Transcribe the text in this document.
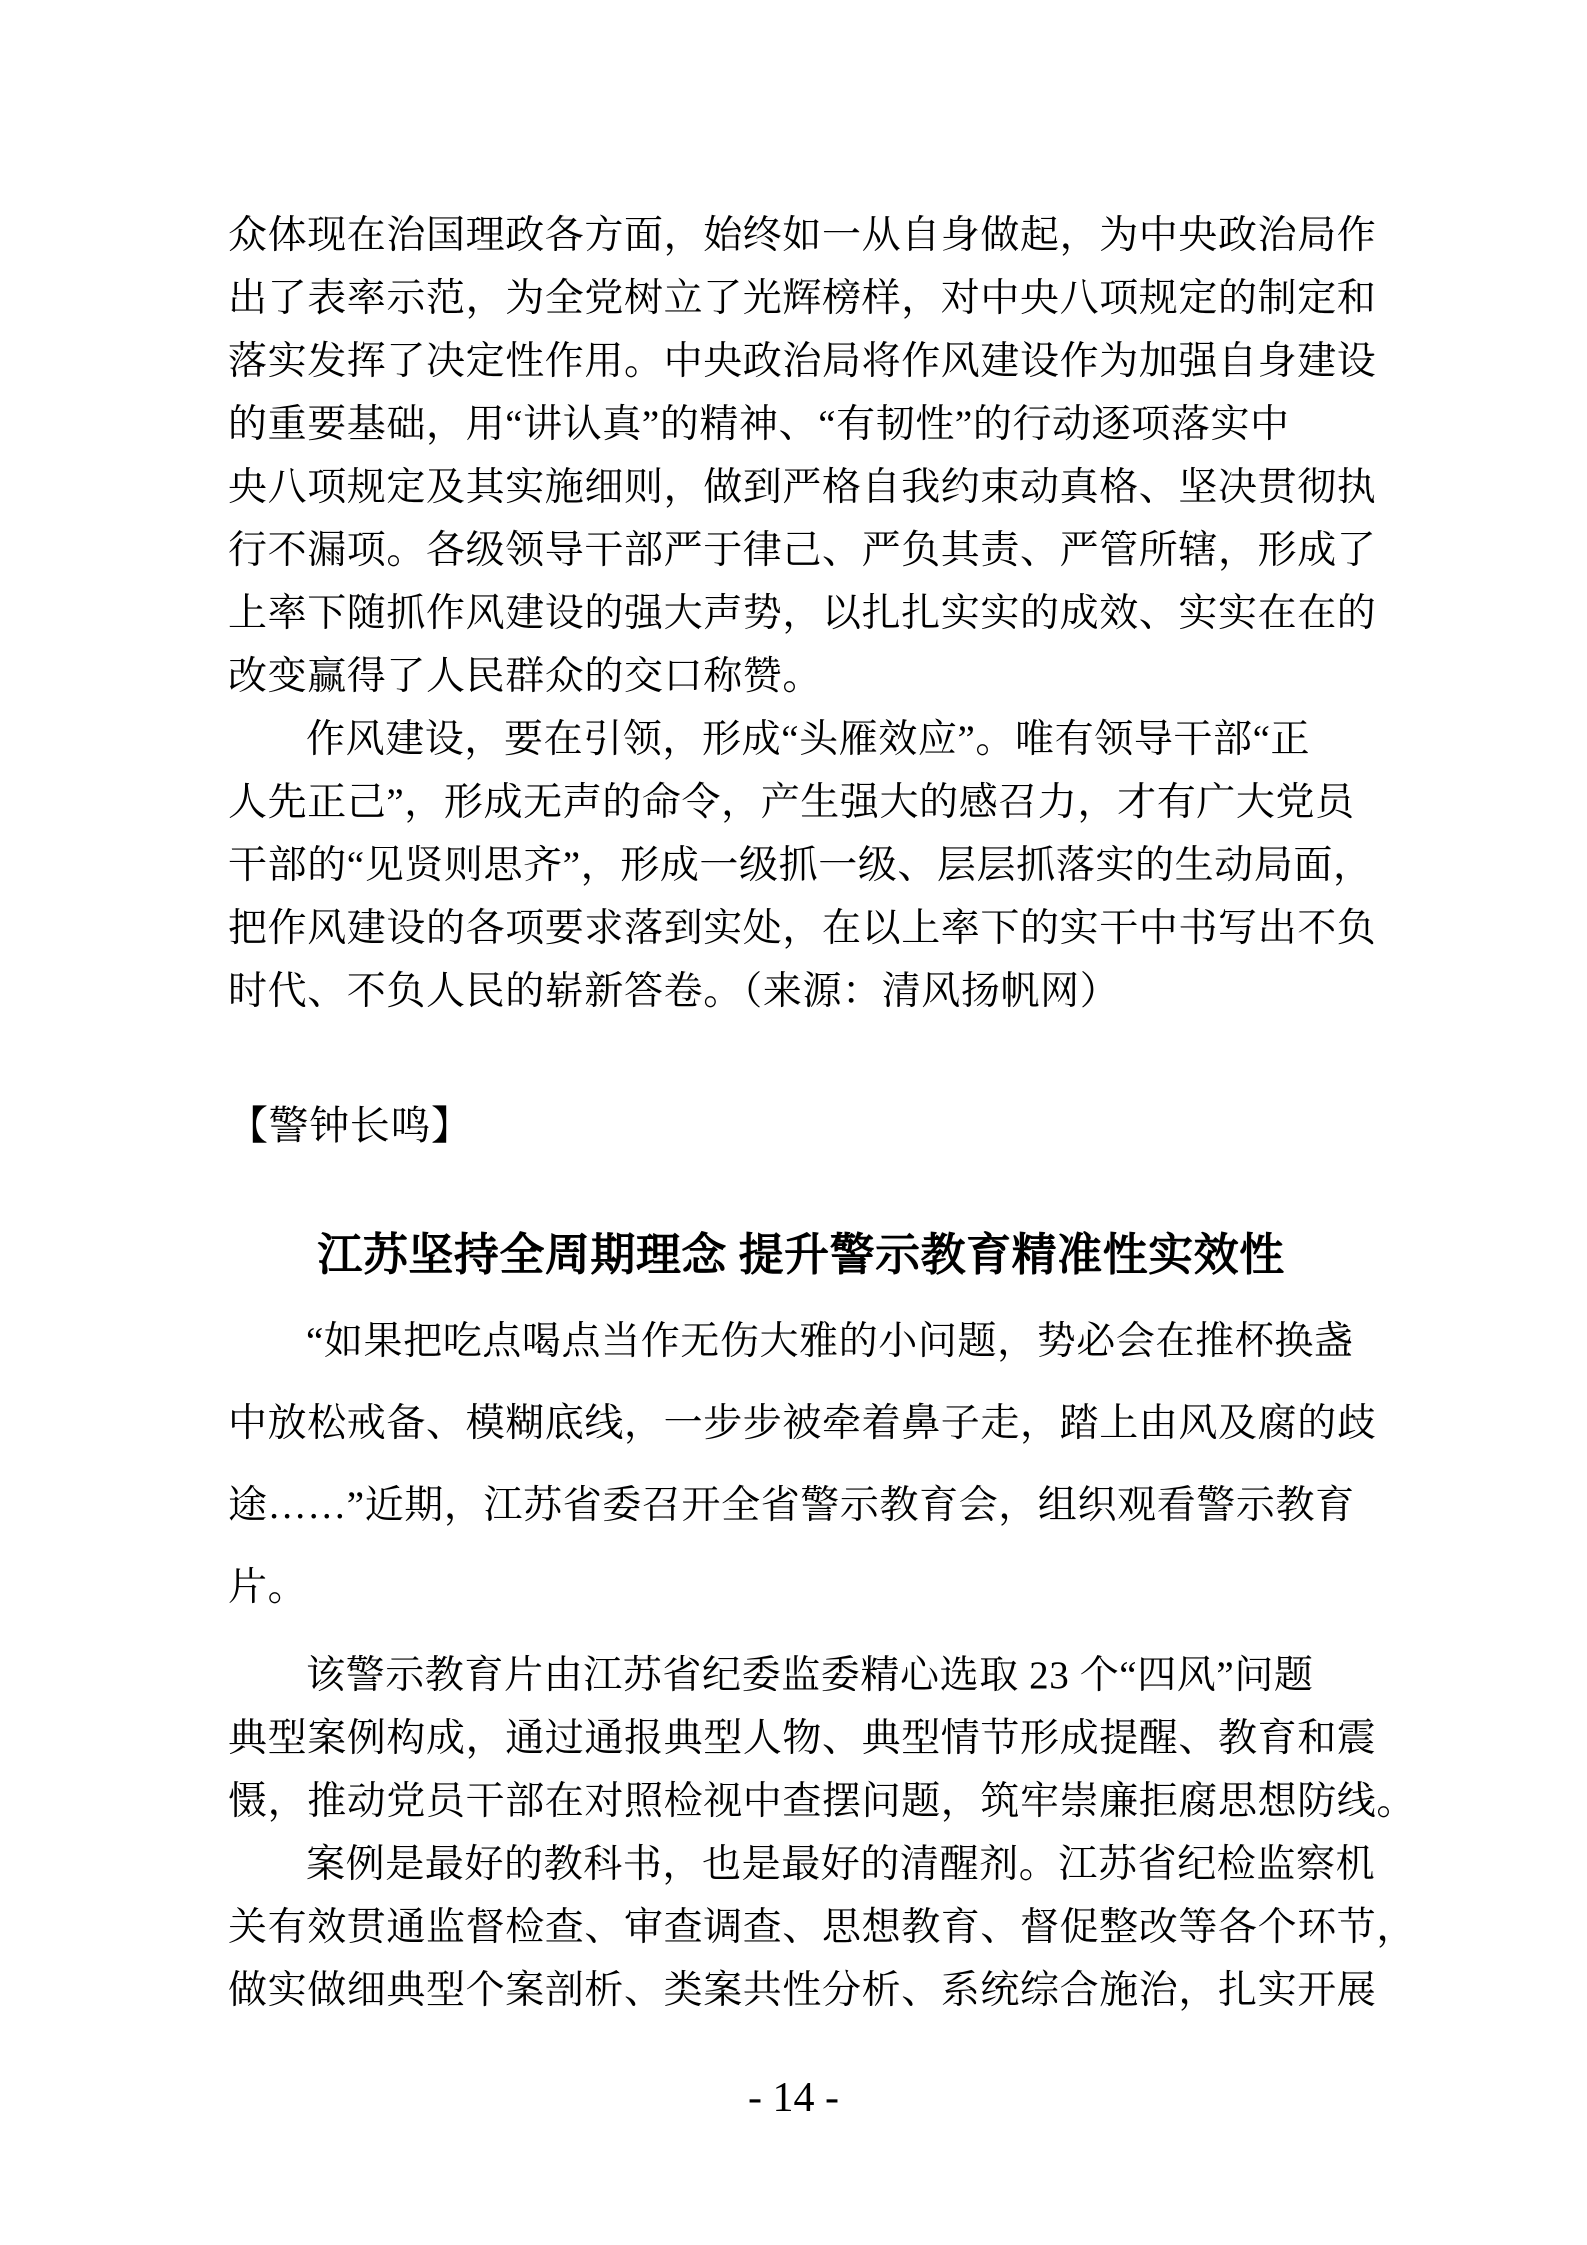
众体现在治国理政各方面，始终如一从自身做起，为中央政治局作
出了表率示范，为全党树立了光辉榜样，对中央八项规定的制定和
落实发挥了决定性作用。中央政治局将作风建设作为加强自身建设
的重要基础，用“讲认真”的精神、“有韧性”的行动逐项落实中
央八项规定及其实施细则，做到严格自我约束动真格、坚决贯彻执
行不漏项。各级领导干部严于律己、严负其责、严管所辖，形成了
上率下随抓作风建设的强大声势，以扎扎实实的成效、实实在在的
改变赢得了人民群众的交口称赞。
作风建设，要在引领，形成“头雁效应”。唯有领导干部“正
人先正己”，形成无声的命令，产生强大的感召力，才有广大党员
干部的“见贤则思齐”，形成一级抓一级、层层抓落实的生动局面，
把作风建设的各项要求落到实处，在以上率下的实干中书写出不负
时代、不负人民的崭新答卷。（来源：清风扬帆网）
【警钟长鸣】
江苏坚持全周期理念 提升警示教育精准性实效性
“如果把吃点喝点当作无伤大雅的小问题，势必会在推杯换盏
中放松戒备、模糊底线，一步步被牵着鼻子走，踏上由风及腐的歧
途……”近期，江苏省委召开全省警示教育会，组织观看警示教育
片。
该警示教育片由江苏省纪委监委精心选取 23 个“四风”问题
典型案例构成，通过通报典型人物、典型情节形成提醒、教育和震
慑，推动党员干部在对照检视中查摆问题，筑牢崇廉拒腐思想防线。
案例是最好的教科书，也是最好的清醒剂。江苏省纪检监察机
关有效贯通监督检查、审查调查、思想教育、督促整改等各个环节，
做实做细典型个案剖析、类案共性分析、系统综合施治，扎实开展
- 14 -
